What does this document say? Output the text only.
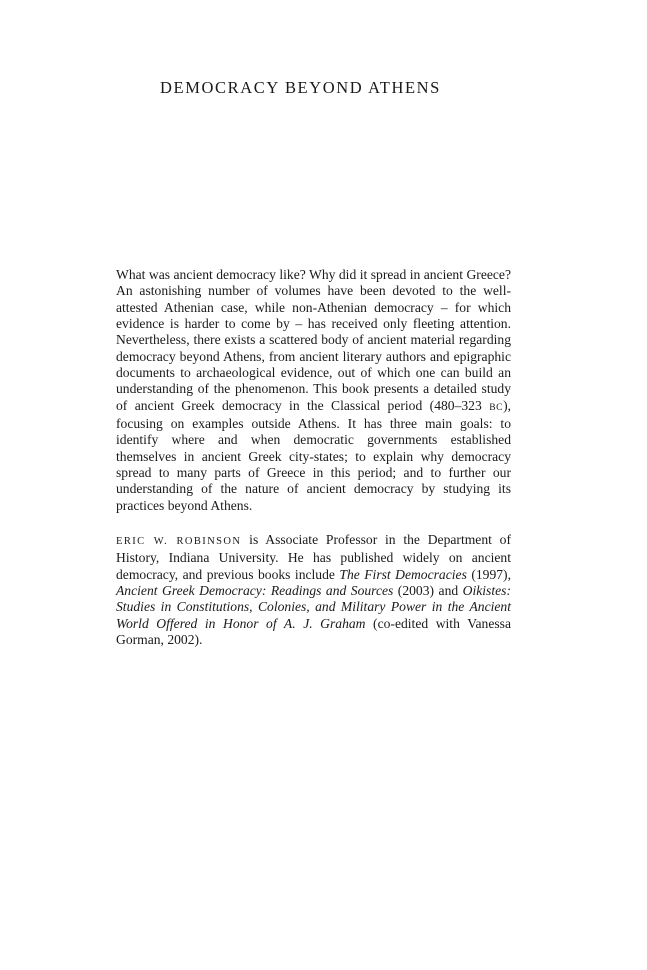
DEMOCRACY BEYOND ATHENS

What was ancient democracy like? Why did it spread in ancient Greece? An astonishing number of volumes have been devoted to the well-attested Athenian case, while non-Athenian democracy – for which evidence is harder to come by – has received only fleeting attention. Nevertheless, there exists a scattered body of ancient material regarding democracy beyond Athens, from ancient literary authors and epigraphic documents to archaeological evidence, out of which one can build an understanding of the phenomenon. This book presents a detailed study of ancient Greek democracy in the Classical period (480–323 BC), focusing on examples outside Athens. It has three main goals: to identify where and when democratic governments established themselves in ancient Greek city-states; to explain why democracy spread to many parts of Greece in this period; and to further our understanding of the nature of ancient democracy by studying its practices beyond Athens.

ERIC W. ROBINSON is Associate Professor in the Department of History, Indiana University. He has published widely on ancient democracy, and previous books include The First Democracies (1997), Ancient Greek Democracy: Readings and Sources (2003) and Oikistes: Studies in Constitutions, Colonies, and Military Power in the Ancient World Offered in Honor of A. J. Graham (co-edited with Vanessa Gorman, 2002).
